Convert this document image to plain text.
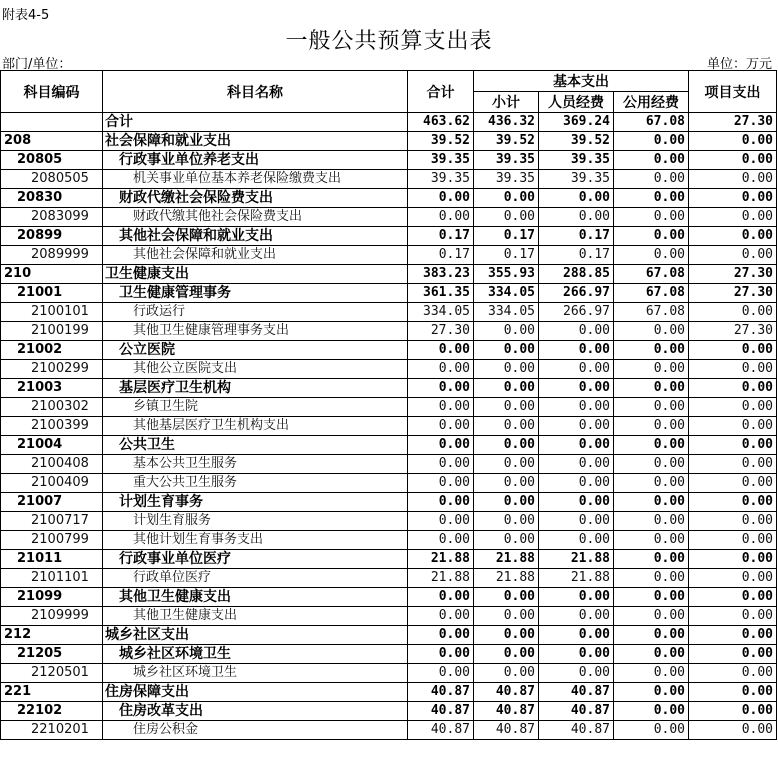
附表4-5
一般公共预算支出表
部门/单位：	单位：万元
科目编码	科目名称	合计	基本支出			项目支出
			小计	人员经费	公用经费	
	合计	463.62	436.32	369.24	67.08	27.30
208	社会保障和就业支出	39.52	39.52	39.52	0.00	0.00
20805	行政事业单位养老支出	39.35	39.35	39.35	0.00	0.00
2080505	机关事业单位基本养老保险缴费支出	39.35	39.35	39.35	0.00	0.00
20830	财政代缴社会保险费支出	0.00	0.00	0.00	0.00	0.00
2083099	财政代缴其他社会保险费支出	0.00	0.00	0.00	0.00	0.00
20899	其他社会保障和就业支出	0.17	0.17	0.17	0.00	0.00
2089999	其他社会保障和就业支出	0.17	0.17	0.17	0.00	0.00
210	卫生健康支出	383.23	355.93	288.85	67.08	27.30
21001	卫生健康管理事务	361.35	334.05	266.97	67.08	27.30
2100101	行政运行	334.05	334.05	266.97	67.08	0.00
2100199	其他卫生健康管理事务支出	27.30	0.00	0.00	0.00	27.30
21002	公立医院	0.00	0.00	0.00	0.00	0.00
2100299	其他公立医院支出	0.00	0.00	0.00	0.00	0.00
21003	基层医疗卫生机构	0.00	0.00	0.00	0.00	0.00
2100302	乡镇卫生院	0.00	0.00	0.00	0.00	0.00
2100399	其他基层医疗卫生机构支出	0.00	0.00	0.00	0.00	0.00
21004	公共卫生	0.00	0.00	0.00	0.00	0.00
2100408	基本公共卫生服务	0.00	0.00	0.00	0.00	0.00
2100409	重大公共卫生服务	0.00	0.00	0.00	0.00	0.00
21007	计划生育事务	0.00	0.00	0.00	0.00	0.00
2100717	计划生育服务	0.00	0.00	0.00	0.00	0.00
2100799	其他计划生育事务支出	0.00	0.00	0.00	0.00	0.00
21011	行政事业单位医疗	21.88	21.88	21.88	0.00	0.00
2101101	行政单位医疗	21.88	21.88	21.88	0.00	0.00
21099	其他卫生健康支出	0.00	0.00	0.00	0.00	0.00
2109999	其他卫生健康支出	0.00	0.00	0.00	0.00	0.00
212	城乡社区支出	0.00	0.00	0.00	0.00	0.00
21205	城乡社区环境卫生	0.00	0.00	0.00	0.00	0.00
2120501	城乡社区环境卫生	0.00	0.00	0.00	0.00	0.00
221	住房保障支出	40.87	40.87	40.87	0.00	0.00
22102	住房改革支出	40.87	40.87	40.87	0.00	0.00
2210201	住房公积金	40.87	40.87	40.87	0.00	0.00
